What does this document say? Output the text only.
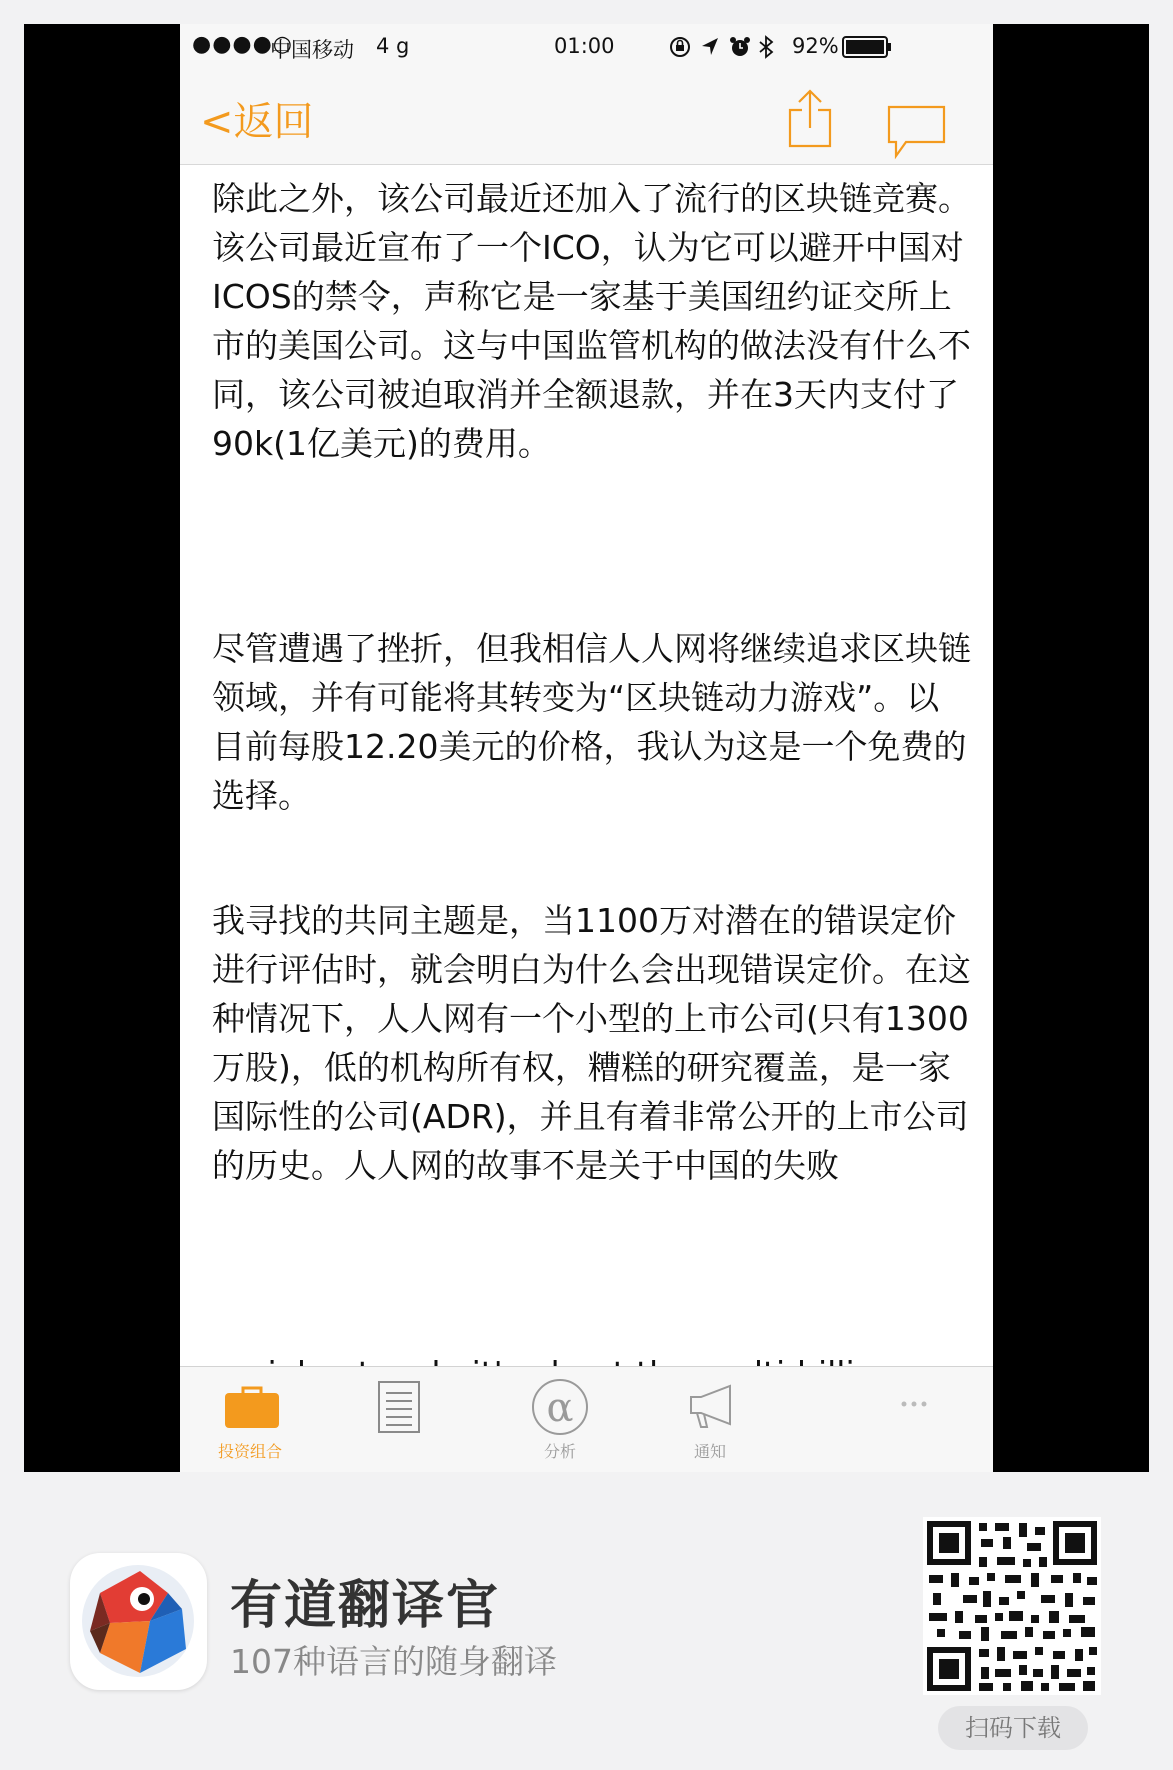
●●●●○
中国移动 4 g	01:00	92%
<返回

除此之外，该公司最近还加入了流行的区块链竞赛。该公司最近宣布了一个ICO，认为它可以避开中国对ICOS的禁令，声称它是一家基于美国纽约证交所上市的美国公司。这与中国监管机构的做法没有什么不同，该公司被迫取消并全额退款，并在3天内支付了90k(1亿美元)的费用。

尽管遭遇了挫折，但我相信人人网将继续追求区块链领域，并有可能将其转变为“区块链动力游戏”。以目前每股12.20美元的价格，我认为这是一个免费的选择。

我寻找的共同主题是，当1100万对潜在的错误定价进行评估时，就会明白为什么会出现错误定价。在这种情况下，人人网有一个小型的上市公司(只有1300万股)，低的机构所有权，糟糕的研究覆盖，是一家国际性的公司(ADR)，并且有着非常公开的上市公司的历史。人人网的故事不是关于中国的失败

投资组合
α
分析	通知
有道翻译官
107种语言的随身翻译
扫码下载
